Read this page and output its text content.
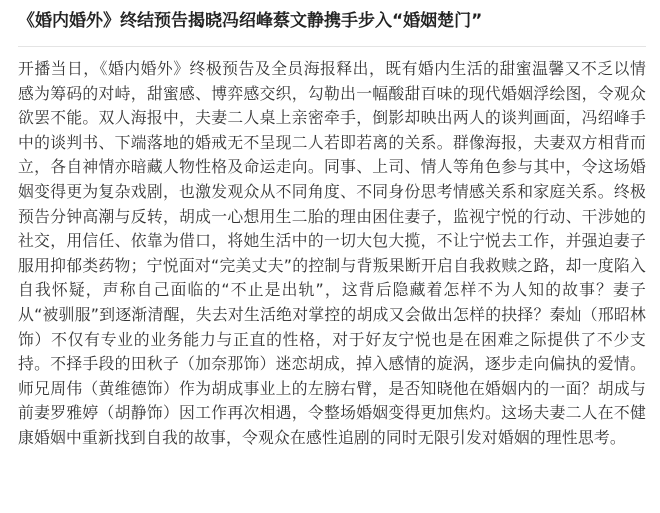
《婚内婚外》终结预告揭晓冯绍峰蔡文静携手步入“婚姻楚门”

开播当日，《婚内婚外》终极预告及全员海报释出，既有婚内生活的甜蜜温馨又不乏以情感为筹码的对峙，甜蜜感、博弈感交织，勾勒出一幅酸甜百味的现代婚姻浮绘图，令观众欲罢不能。双人海报中，夫妻二人桌上亲密牵手，倒影却映出两人的谈判画面，冯绍峰手中的谈判书、下端落地的婚戒无不呈现二人若即若离的关系。群像海报，夫妻双方相背而立，各自神情亦暗藏人物性格及命运走向。同事、上司、情人等角色参与其中，令这场婚姻变得更为复杂戏剧，也激发观众从不同角度、不同身份思考情感关系和家庭关系。终极预告分钟高潮与反转，胡成一心想用生二胎的理由困住妻子，监视宁悦的行动、干涉她的社交，用信任、依靠为借口，将她生活中的一切大包大揽，不让宁悦去工作，并强迫妻子服用抑郁类药物；宁悦面对“完美丈夫”的控制与背叛果断开启自我救赎之路，却一度陷入自我怀疑，声称自己面临的“不止是出轨”，这背后隐藏着怎样不为人知的故事？妻子从“被驯服”到逐渐清醒，失去对生活绝对掌控的胡成又会做出怎样的抉择？秦灿（邢昭林饰）不仅有专业的业务能力与正直的性格，对于好友宁悦也是在困难之际提供了不少支持。不择手段的田秋子（加奈那饰）迷恋胡成，掉入感情的旋涡，逐步走向偏执的爱情。师兄周伟（黄维德饰）作为胡成事业上的左膀右臂，是否知晓他在婚姻内的一面？胡成与前妻罗雅婷（胡静饰）因工作再次相遇，令整场婚姻变得更加焦灼。这场夫妻二人在不健康婚姻中重新找到自我的故事，令观众在感性追剧的同时无限引发对婚姻的理性思考。
